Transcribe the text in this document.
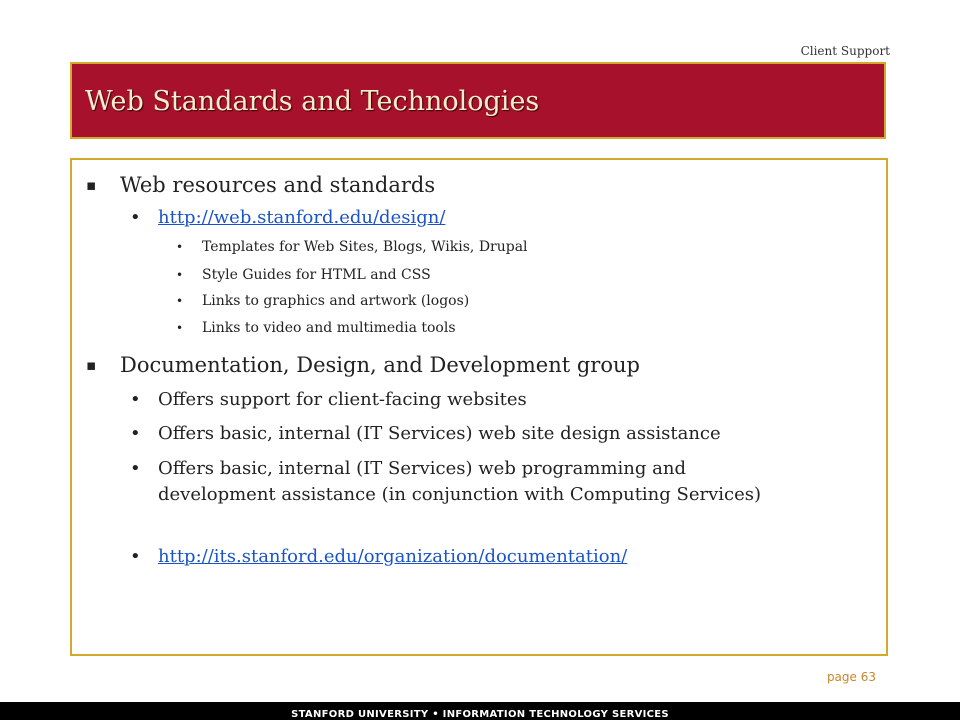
Client Support
Web Standards and Technologies
▪ Web resources and standards
• http://web.stanford.edu/design/
• Templates for Web Sites, Blogs, Wikis, Drupal
• Style Guides for HTML and CSS
• Links to graphics and artwork (logos)
• Links to video and multimedia tools
▪ Documentation, Design, and Development group
• Offers support for client-facing websites
• Offers basic, internal (IT Services) web site design assistance
• Offers basic, internal (IT Services) web programming and
development assistance (in conjunction with Computing Services)
• http://its.stanford.edu/organization/documentation/
page 63
STANFORD UNIVERSITY • INFORMATION TECHNOLOGY SERVICES
